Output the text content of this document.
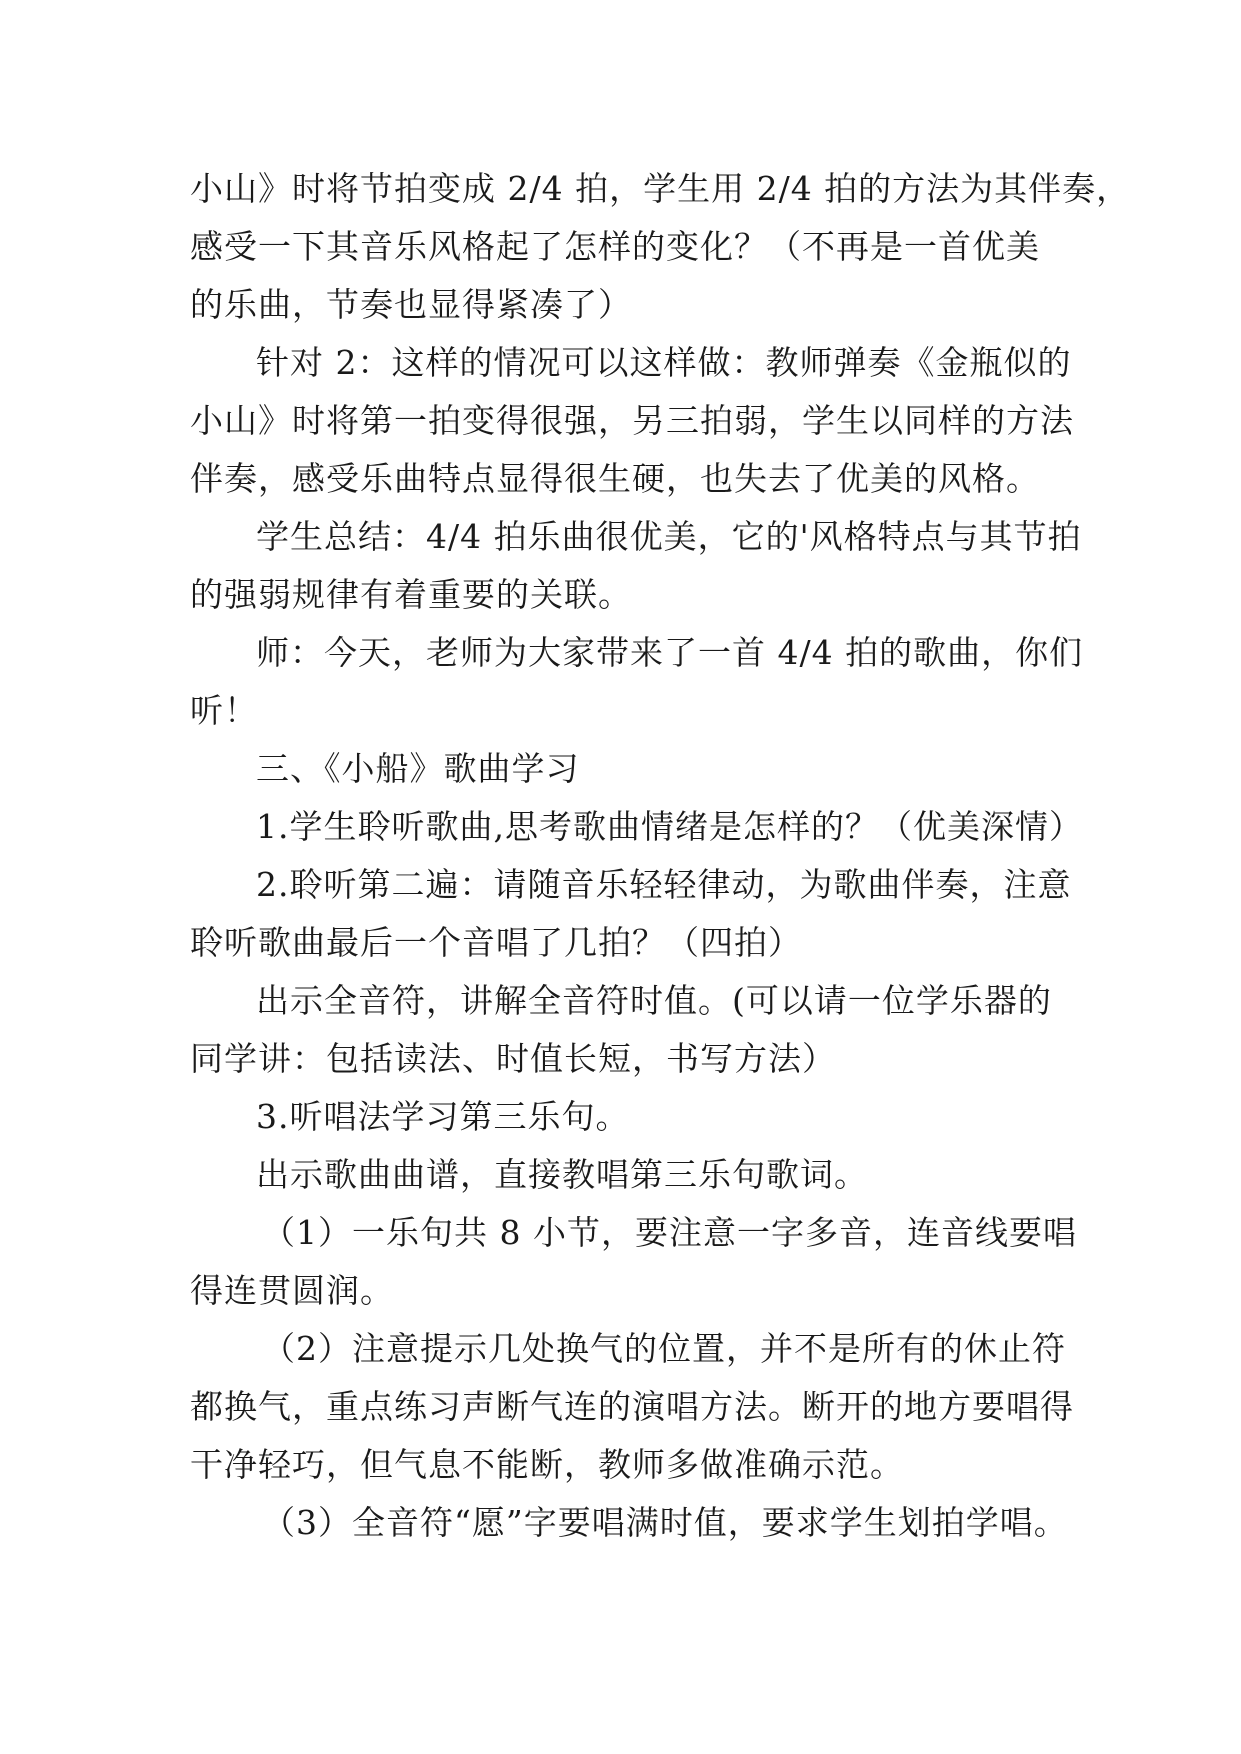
小山》时将节拍变成 2/4 拍，学生用 2/4 拍的方法为其伴奏，
感受一下其音乐风格起了怎样的变化？（不再是一首优美
的乐曲，节奏也显得紧凑了）
针对 2：这样的情况可以这样做：教师弹奏《金瓶似的
小山》时将第一拍变得很强，另三拍弱，学生以同样的方法
伴奏，感受乐曲特点显得很生硬，也失去了优美的风格。
学生总结：4/4 拍乐曲很优美，它的'风格特点与其节拍
的强弱规律有着重要的关联。
师：今天，老师为大家带来了一首 4/4 拍的歌曲，你们
听！
三、《小船》歌曲学习
1.学生聆听歌曲,思考歌曲情绪是怎样的？（优美深情）
2.聆听第二遍：请随音乐轻轻律动，为歌曲伴奏，注意
聆听歌曲最后一个音唱了几拍？（四拍）
出示全音符，讲解全音符时值。(可以请一位学乐器的
同学讲：包括读法、时值长短，书写方法）
3.听唱法学习第三乐句。
出示歌曲曲谱，直接教唱第三乐句歌词。
（1）一乐句共 8 小节，要注意一字多音，连音线要唱
得连贯圆润。
（2）注意提示几处换气的位置，并不是所有的休止符
都换气，重点练习声断气连的演唱方法。断开的地方要唱得
干净轻巧，但气息不能断，教师多做准确示范。
（3）全音符“愿”字要唱满时值，要求学生划拍学唱。
